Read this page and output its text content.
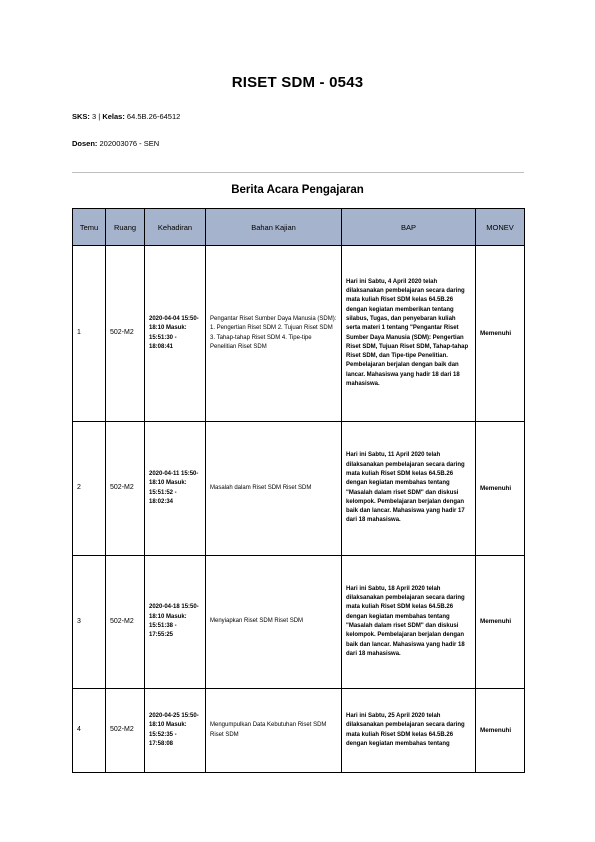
RISET SDM - 0543
SKS: 3 | Kelas: 64.5B.26-64512
Dosen: 202003076 - SEN
Berita Acara Pengajaran
Temu	Ruang	Kehadiran	Bahan Kajian	BAP	MONEV
1	502-M2	2020-04-04 15:50-18:10 Masuk: 15:51:30 - 18:08:41	Pengantar Riset Sumber Daya Manusia (SDM): 1. Pengertian Riset SDM 2. Tujuan Riset SDM 3. Tahap-tahap Riset SDM 4. Tipe-tipe Penelitian Riset SDM	Hari ini Sabtu, 4 April 2020 telah dilaksanakan pembelajaran secara daring mata kuliah Riset SDM kelas 64.5B.26 dengan kegiatan memberikan tentang silabus, Tugas, dan penyebaran kuliah serta materi 1 tentang "Pengantar Riset Sumber Daya Manusia (SDM): Pengertian Riset SDM, Tujuan Riset SDM, Tahap-tahap Riset SDM, dan Tipe-tipe Penelitian. Pembelajaran berjalan dengan baik dan lancar. Mahasiswa yang hadir 18 dari 18 mahasiswa.	Memenuhi
2	502-M2	2020-04-11 15:50-18:10 Masuk: 15:51:52 - 18:02:34	Masalah dalam Riset SDM Riset SDM	Hari ini Sabtu, 11 April 2020 telah dilaksanakan pembelajaran secara daring mata kuliah Riset SDM kelas 64.5B.26 dengan kegiatan membahas tentang "Masalah dalam riset SDM" dan diskusi kelompok. Pembelajaran berjalan dengan baik dan lancar. Mahasiswa yang hadir 17 dari 18 mahasiswa.	Memenuhi
3	502-M2	2020-04-18 15:50-18:10 Masuk: 15:51:38 - 17:55:25	Menyiapkan Riset SDM Riset SDM	Hari ini Sabtu, 18 April 2020 telah dilaksanakan pembelajaran secara daring mata kuliah Riset SDM kelas 64.5B.26 dengan kegiatan membahas tentang "Masalah dalam riset SDM" dan diskusi kelompok. Pembelajaran berjalan dengan baik dan lancar. Mahasiswa yang hadir 18 dari 18 mahasiswa.	Memenuhi
4	502-M2	2020-04-25 15:50-18:10 Masuk: 15:52:35 - 17:58:08	Mengumpulkan Data Kebutuhan Riset SDM Riset SDM	Hari ini Sabtu, 25 April 2020 telah dilaksanakan pembelajaran secara daring mata kuliah Riset SDM kelas 64.5B.26 dengan kegiatan membahas tentang	Memenuhi
